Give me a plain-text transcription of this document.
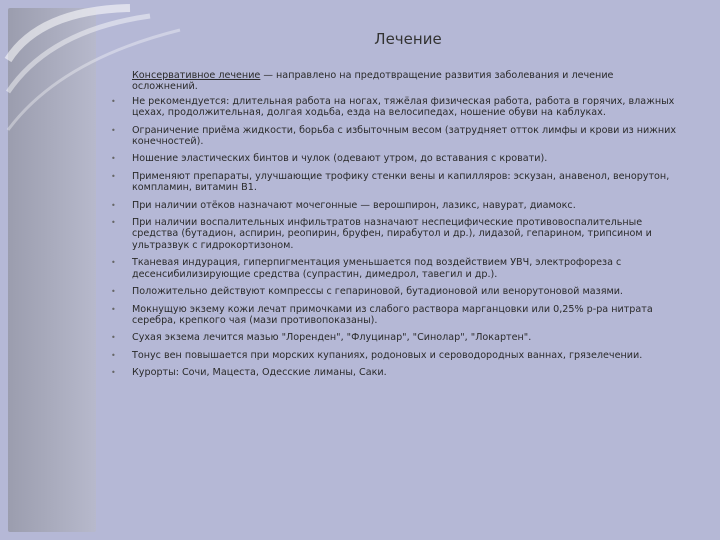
Лечение
Консервативное лечение — направлено на предотвращение развития заболевания и лечение осложнений.
• Не рекомендуется: длительная работа на ногах, тяжёлая физическая работа, работа в горячих, влажных цехах, продолжительная, долгая ходьба, езда на велосипедах, ношение обуви на каблуках.
• Ограничение приёма жидкости, борьба с избыточным весом (затрудняет отток лимфы и крови из нижних конечностей).
• Ношение эластических бинтов и чулок (одевают утром, до вставания с кровати).
• Применяют препараты, улучшающие трофику стенки вены и капилляров: эскузан, анавенол, венорутон, компламин, витамин В1.
• При наличии отёков назначают мочегонные — верошпирон, лазикс, навурат, диамокс.
• При наличии воспалительных инфильтратов назначают неспецифические противовоспалительные средства (бутадион, аспирин, реопирин, бруфен, пирабутол и др.), лидазой, гепарином, трипсином и ультразвук с гидрокортизоном.
• Тканевая индурация, гиперпигментация уменьшается под воздействием УВЧ, электрофореза с десенсибилизирующие средства (супрастин, димедрол, тавегил и др.).
• Положительно действуют компрессы с гепариновой, бутадионовой или венорутоновой мазями.
• Мокнущую экзему кожи лечат примочками из слабого раствора марганцовки или 0,25% р-ра нитрата серебра, крепкого чая (мази противопоказаны).
• Сухая экзема лечится мазью "Лоренден", "Флуцинар", "Синолар", "Локартен".
• Тонус вен повышается при морских купаниях, родоновых и сероводородных ваннах, грязелечении.
• Курорты: Сочи, Мацеста, Одесские лиманы, Саки.
